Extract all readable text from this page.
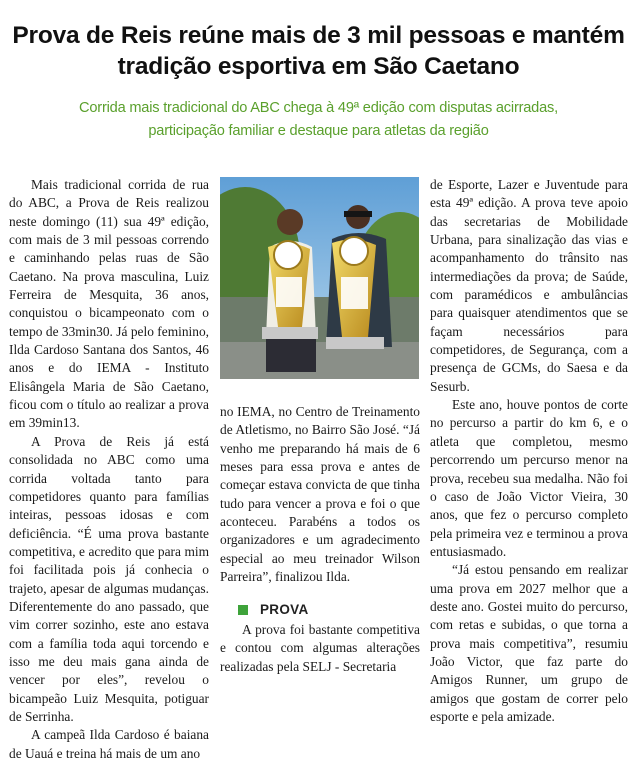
Prova de Reis reúne mais de 3 mil pessoas e mantém tradição esportiva em São Caetano
Corrida mais tradicional do ABC chega à 49ª edição com disputas acirradas, participação familiar e destaque para atletas da região

Mais tradicional corrida de rua do ABC, a Prova de Reis realizou neste domingo (11) sua 49ª edição, com mais de 3 mil pessoas correndo e caminhando pelas ruas de São Caetano. Na prova masculina, Luiz Ferreira de Mesquita, 36 anos, conquistou o bicampeonato com o tempo de 33min30. Já pelo feminino, Ilda Cardoso Santana dos Santos, 46 anos e do IEMA - Instituto Elisângela Maria de São Caetano, ficou com o título ao realizar a prova em 39min13.

A Prova de Reis já está consolidada no ABC como uma corrida voltada tanto para competidores quanto para famílias inteiras, pessoas idosas e com deficiência. “É uma prova bastante competitiva, e acredito que para mim foi facilitada pois já conhecia o trajeto, apesar de algumas mudanças. Diferentemente do ano passado, que vim correr sozinho, este ano estava com a família toda aqui torcendo e isso me deu mais gana ainda de vencer por eles”, revelou o bicampeão Luiz Mesquita, potiguar de Serrinha.

A campeã Ilda Cardoso é baiana de Uauá e treina há mais de um ano

no IEMA, no Centro de Treinamento de Atletismo, no Bairro São José. “Já venho me preparando há mais de 6 meses para essa prova e antes de começar estava convicta de que tinha tudo para vencer a prova e foi o que aconteceu. Parabéns a todos os organizadores e um agradecimento especial ao meu treinador Wilson Parreira”, finalizou Ilda.

PROVA

A prova foi bastante competitiva e contou com algumas alterações realizadas pela SELJ - Secretaria

de Esporte, Lazer e Juventude para esta 49ª edição. A prova teve apoio das secretarias de Mobilidade Urbana, para sinalização das vias e acompanhamento do trânsito nas intermediações da prova; de Saúde, com paramédicos e ambulâncias para quaisquer atendimentos que se façam necessários para competidores, de Segurança, com a presença de GCMs, do Saesa e da Sesurb.

Este ano, houve pontos de corte no percurso a partir do km 6, e o atleta que completou, mesmo percorrendo um percurso menor na prova, recebeu sua medalha. Não foi o caso de João Victor Vieira, 30 anos, que fez o percurso completo pela primeira vez e terminou a prova entusiasmado.

“Já estou pensando em realizar uma prova em 2027 melhor que a deste ano. Gostei muito do percurso, com retas e subidas, o que torna a prova mais competitiva”, resumiu João Victor, que faz parte do Amigos Runner, um grupo de amigos que gostam de correr pelo esporte e pela amizade.
